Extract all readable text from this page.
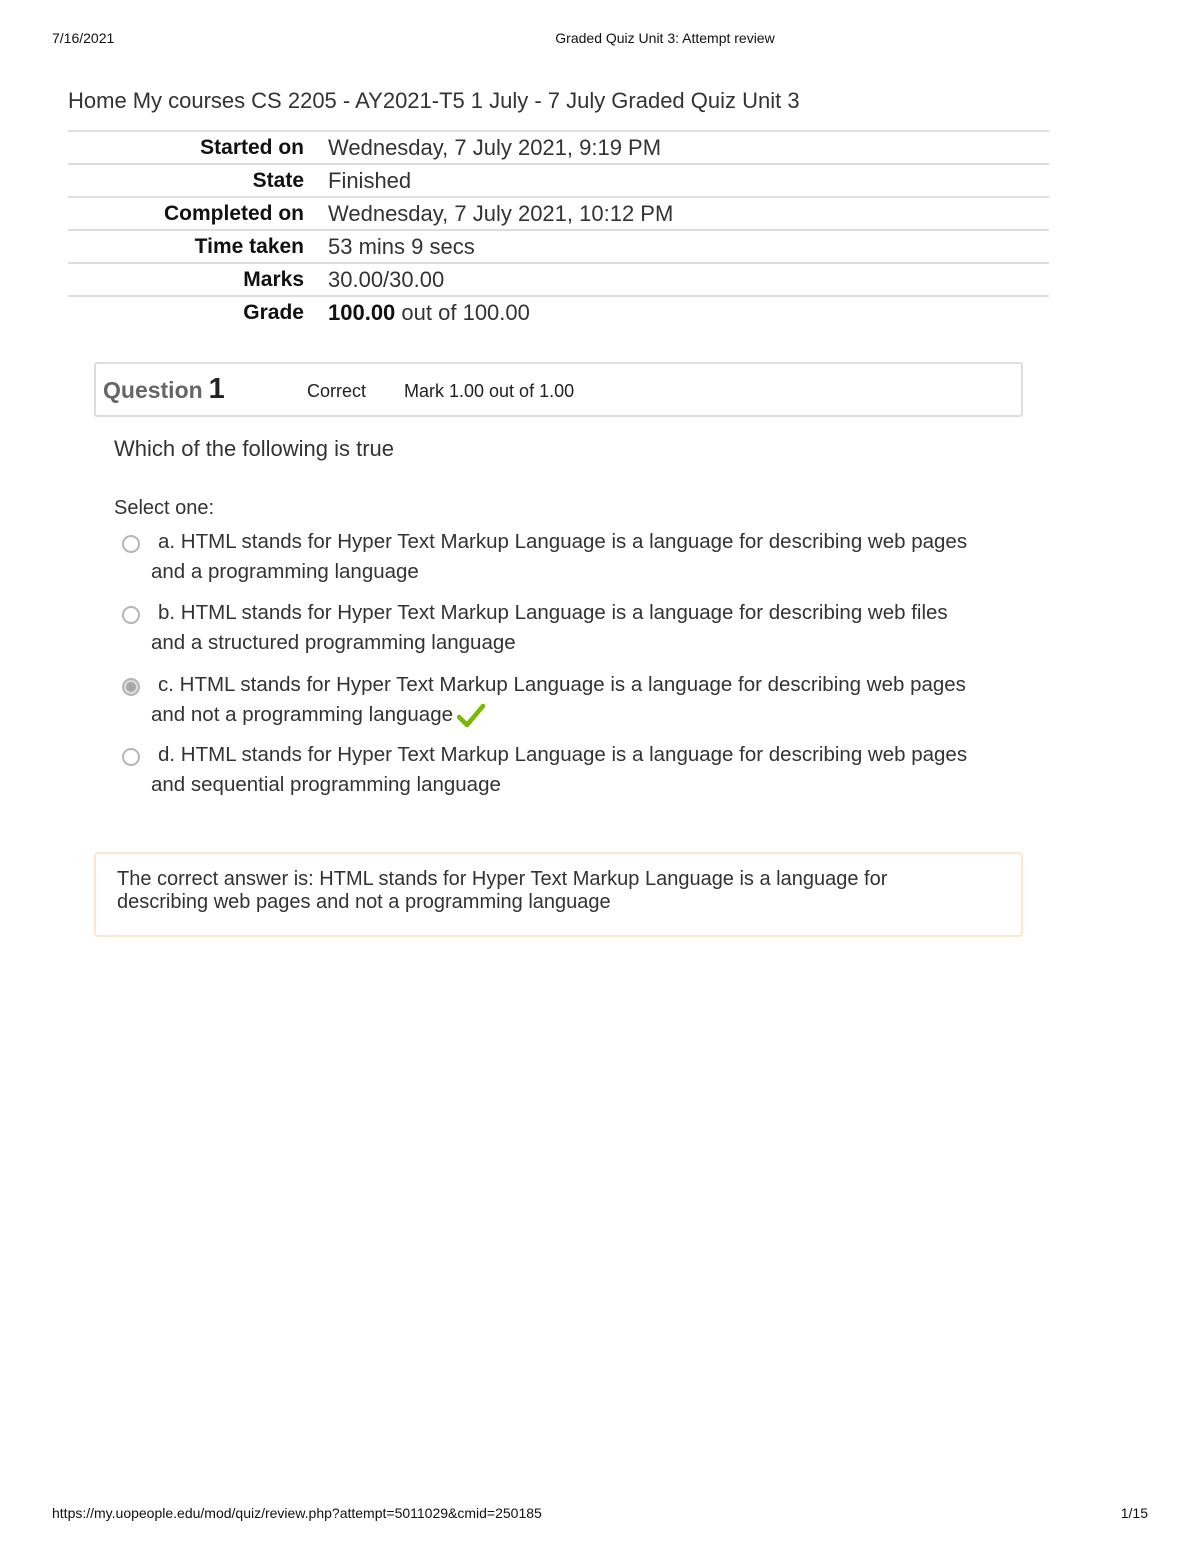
7/16/2021	Graded Quiz Unit 3: Attempt review
Home My courses CS 2205 - AY2021-T5 1 July - 7 July Graded Quiz Unit 3
Started on	Wednesday, 7 July 2021, 9:19 PM
State	Finished
Completed on	Wednesday, 7 July 2021, 10:12 PM
Time taken	53 mins 9 secs
Marks	30.00/30.00
Grade	100.00 out of 100.00
Question 1	Correct Mark 1.00 out of 1.00
Which of the following is true
Select one:
a. HTML stands for Hyper Text Markup Language is a language for describing web pages and a programming language
b. HTML stands for Hyper Text Markup Language is a language for describing web files and a structured programming language
c. HTML stands for Hyper Text Markup Language is a language for describing web pages and not a programming language
d. HTML stands for Hyper Text Markup Language is a language for describing web pages and sequential programming language
The correct answer is: HTML stands for Hyper Text Markup Language is a language for describing web pages and not a programming language
https://my.uopeople.edu/mod/quiz/review.php?attempt=5011029&cmid=250185	1/15
